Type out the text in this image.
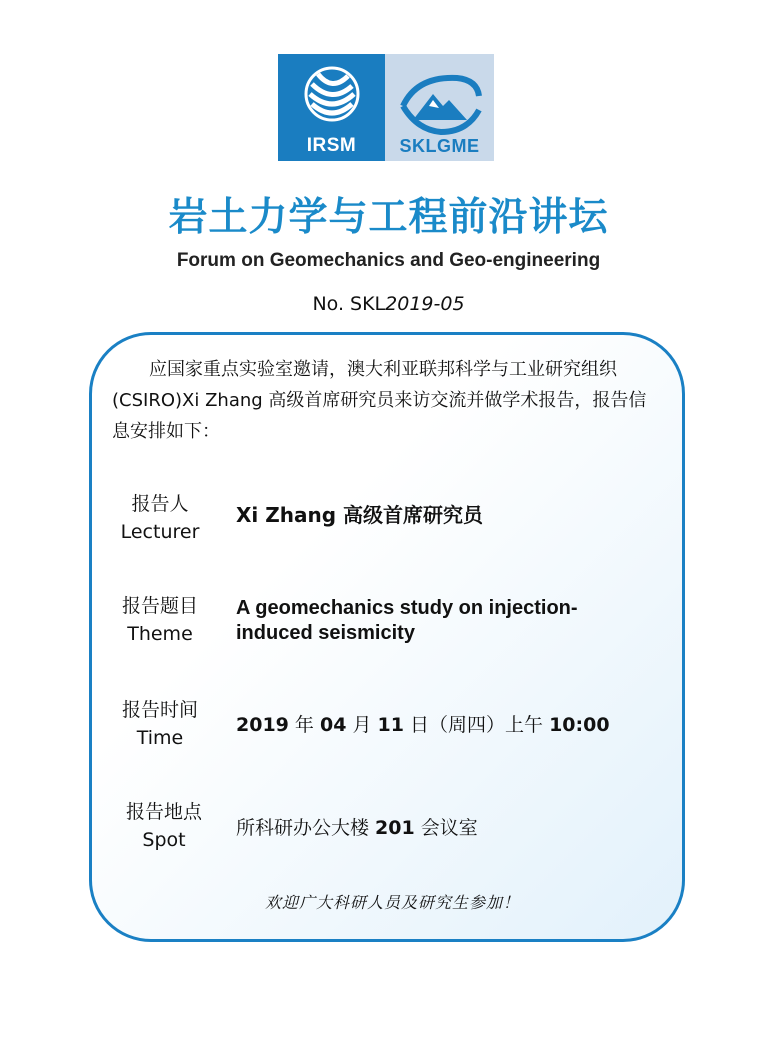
IRSM	SKLGME
岩土力学与工程前沿讲坛
Forum on Geomechanics and Geo-engineering
No. SKL2019-05
应国家重点实验室邀请，澳大利亚联邦科学与工业研究组织(CSIRO)Xi Zhang 高级首席研究员来访交流并做学术报告，报告信息安排如下：
报告人
Lecturer
Xi Zhang 高级首席研究员
报告题目
Theme
A geomechanics study on injection-induced seismicity
报告时间
Time
2019 年 04 月 11 日（周四）上午 10:00
报告地点
Spot
所科研办公大楼 201 会议室
欢迎广大科研人员及研究生参加！
